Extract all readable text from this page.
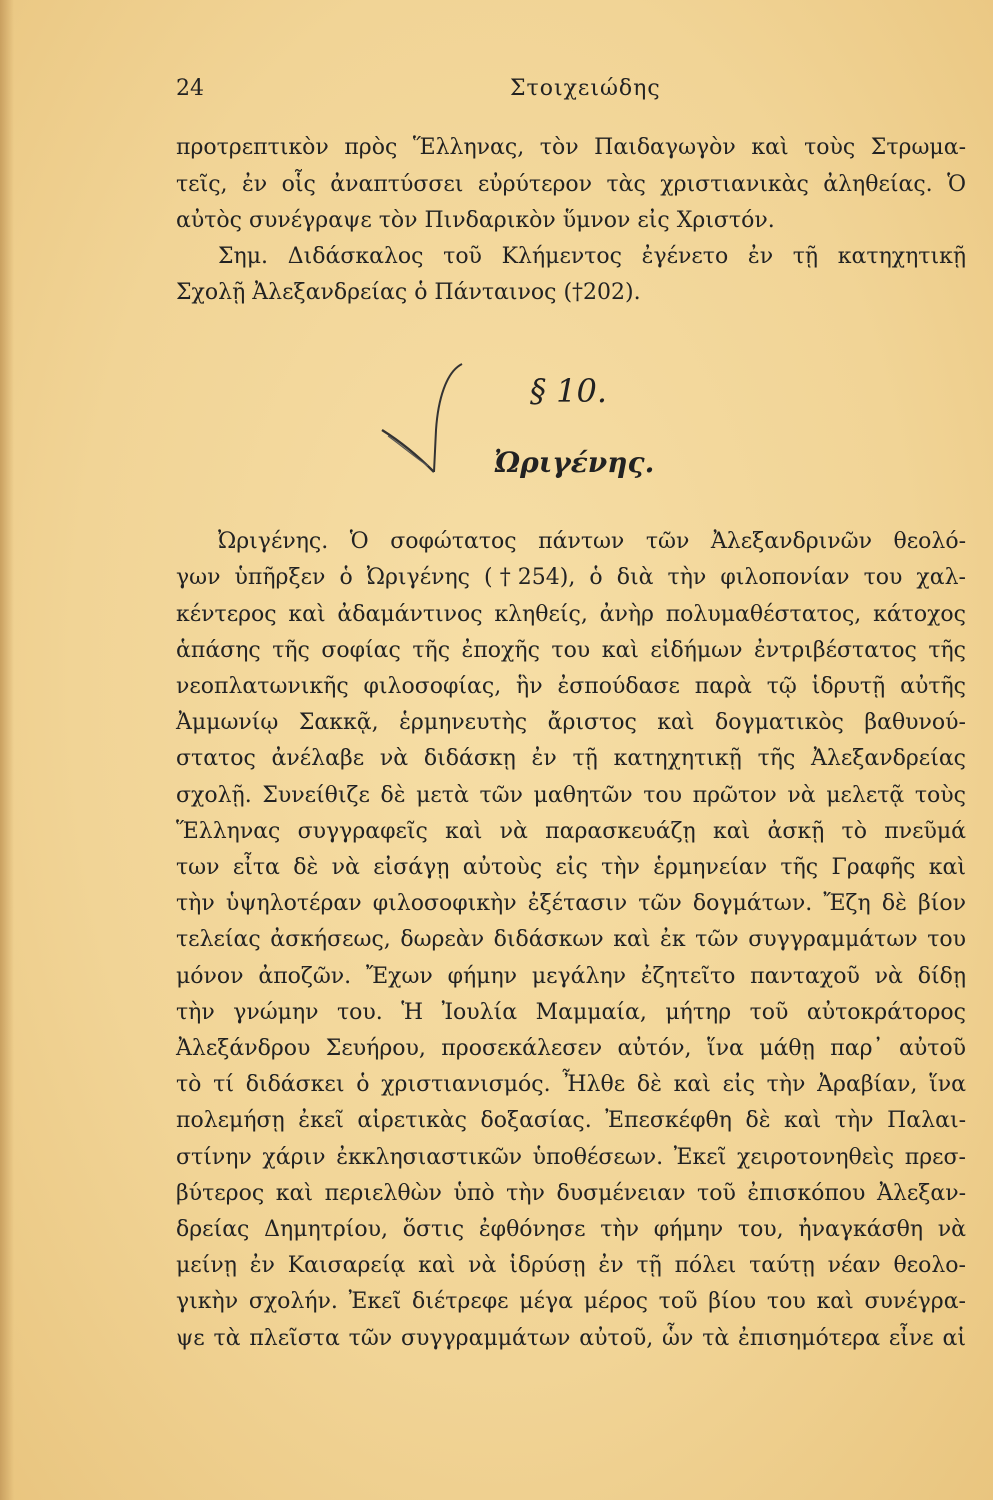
24	Στοιχειώδης
προτρεπτικὸν πρὸς Ἕλληνας, τὸν Παιδαγωγὸν καὶ τοὺς Στρωμα-
τεῖς, ἐν οἷς ἀναπτύσσει εὐρύτερον τὰς χριστιανικὰς ἀληθείας. Ὁ
αὐτὸς συνέγραψε τὸν Πινδαρικὸν ὕμνον εἰς Χριστόν.
Σημ. Διδάσκαλος τοῦ Κλήμεντος ἐγένετο ἐν τῇ κατηχητικῇ
Σχολῇ Ἀλεξανδρείας ὁ Πάνταινος (†202).
§ 10.
Ὠριγένης.
Ὠριγένης. Ὁ σοφώτατος πάντων τῶν Ἀλεξανδρινῶν θεολό-
γων ὑπῆρξεν ὁ Ὠριγένης (†254), ὁ διὰ τὴν φιλοπονίαν του χαλ-
κέντερος καὶ ἀδαμάντινος κληθείς, ἀνὴρ πολυμαθέστατος, κάτοχος
ἁπάσης τῆς σοφίας τῆς ἐποχῆς του καὶ εἰδήμων ἐντριβέστατος τῆς
νεοπλατωνικῆς φιλοσοφίας, ἣν ἐσπούδασε παρὰ τῷ ἱδρυτῇ αὐτῆς
Ἀμμωνίῳ Σακκᾷ, ἑρμηνευτὴς ἄριστος καὶ δογματικὸς βαθυνού-
στατος ἀνέλαβε νὰ διδάσκῃ ἐν τῇ κατηχητικῇ τῆς Ἀλεξανδρείας
σχολῇ. Συνείθιζε δὲ μετὰ τῶν μαθητῶν του πρῶτον νὰ μελετᾷ τοὺς
Ἕλληνας συγγραφεῖς καὶ νὰ παρασκευάζῃ καὶ ἀσκῇ τὸ πνεῦμά
των εἶτα δὲ νὰ εἰσάγῃ αὐτοὺς εἰς τὴν ἑρμηνείαν τῆς Γραφῆς καὶ
τὴν ὑψηλοτέραν φιλοσοφικὴν ἐξέτασιν τῶν δογμάτων. Ἔζη δὲ βίον
τελείας ἀσκήσεως, δωρεὰν διδάσκων καὶ ἐκ τῶν συγγραμμάτων του
μόνον ἀποζῶν. Ἔχων φήμην μεγάλην ἐζητεῖτο πανταχοῦ νὰ δίδῃ
τὴν γνώμην του. Ἡ Ἰουλία Μαμμαία, μήτηρ τοῦ αὐτοκράτορος
Ἀλεξάνδρου Σευήρου, προσεκάλεσεν αὐτόν, ἵνα μάθῃ παρ᾽ αὐτοῦ
τὸ τί διδάσκει ὁ χριστιανισμός. Ἦλθε δὲ καὶ εἰς τὴν Ἀραβίαν, ἵνα
πολεμήσῃ ἐκεῖ αἱρετικὰς δοξασίας. Ἐπεσκέφθη δὲ καὶ τὴν Παλαι-
στίνην χάριν ἐκκλησιαστικῶν ὑποθέσεων. Ἐκεῖ χειροτονηθεὶς πρεσ-
βύτερος καὶ περιελθὼν ὑπὸ τὴν δυσμένειαν τοῦ ἐπισκόπου Ἀλεξαν-
δρείας Δημητρίου, ὅστις ἐφθόνησε τὴν φήμην του, ἠναγκάσθη νὰ
μείνῃ ἐν Καισαρείᾳ καὶ νὰ ἱδρύσῃ ἐν τῇ πόλει ταύτῃ νέαν θεολο-
γικὴν σχολήν. Ἐκεῖ διέτρεφε μέγα μέρος τοῦ βίου του καὶ συνέγρα-
ψε τὰ πλεῖστα τῶν συγγραμμάτων αὐτοῦ, ὧν τὰ ἐπισημότερα εἶνε αἱ
